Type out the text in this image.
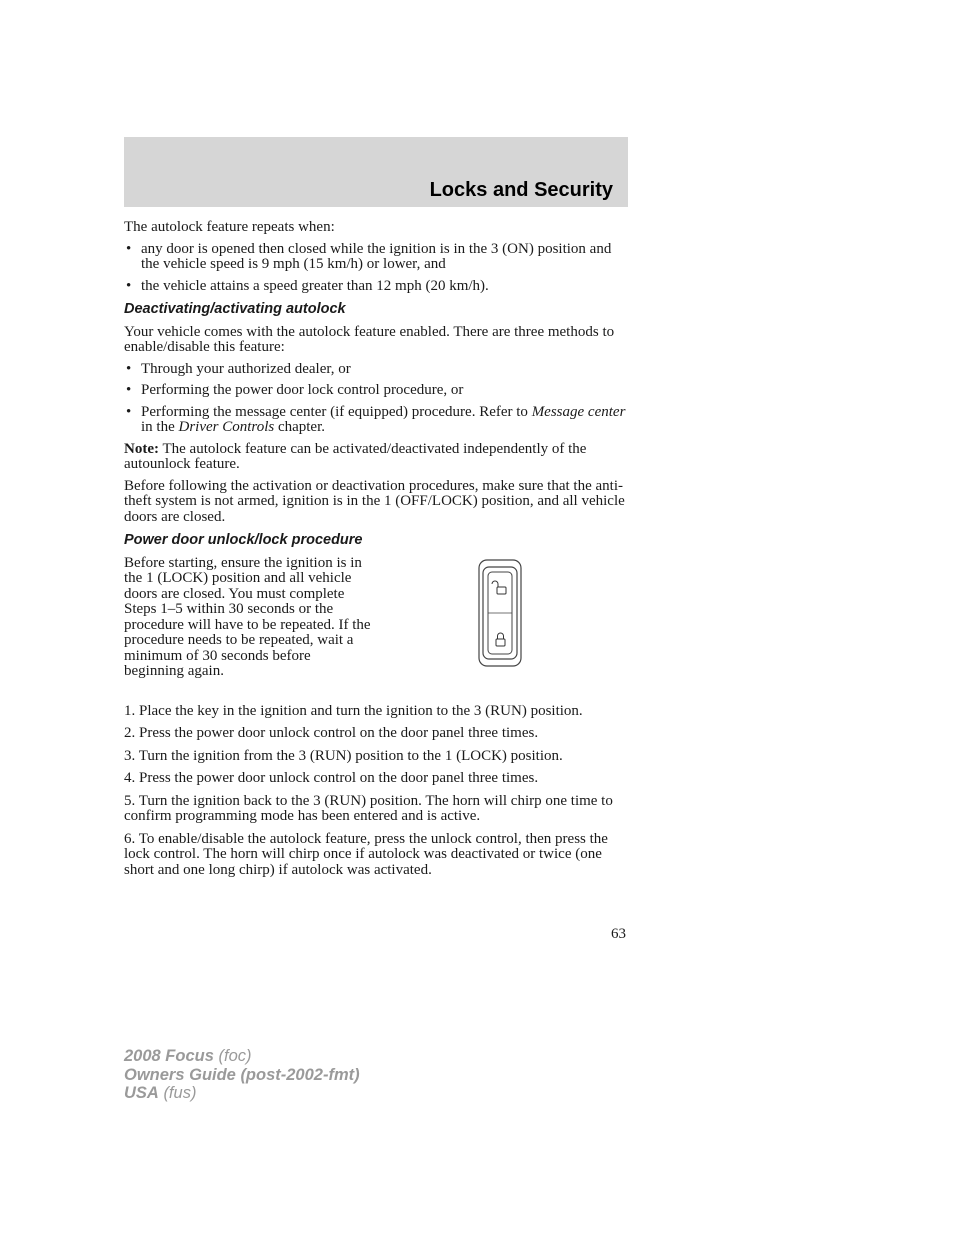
Locks and Security

The autolock feature repeats when:

• any door is opened then closed while the ignition is in the 3 (ON) position and the vehicle speed is 9 mph (15 km/h) or lower, and
• the vehicle attains a speed greater than 12 mph (20 km/h).
Deactivating/activating autolock

Your vehicle comes with the autolock feature enabled. There are three methods to enable/disable this feature:

• Through your authorized dealer, or
• Performing the power door lock control procedure, or
• Performing the message center (if equipped) procedure. Refer to Message center in the Driver Controls chapter.

Note: The autolock feature can be activated/deactivated independently of the autounlock feature.

Before following the activation or deactivation procedures, make sure that the anti-theft system is not armed, ignition is in the 1 (OFF/LOCK) position, and all vehicle doors are closed.

Power door unlock/lock procedure

Before starting, ensure the ignition is in the 1 (LOCK) position and all vehicle doors are closed. You must complete Steps 1–5 within 30 seconds or the procedure will have to be repeated. If the procedure needs to be repeated, wait a minimum of 30 seconds before beginning again.

1. Place the key in the ignition and turn the ignition to the 3 (RUN) position.

2. Press the power door unlock control on the door panel three times.

3. Turn the ignition from the 3 (RUN) position to the 1 (LOCK) position.

4. Press the power door unlock control on the door panel three times.

5. Turn the ignition back to the 3 (RUN) position. The horn will chirp one time to confirm programming mode has been entered and is active.

6. To enable/disable the autolock feature, press the unlock control, then press the lock control. The horn will chirp once if autolock was deactivated or twice (one short and one long chirp) if autolock was activated.

63
2008 Focus (foc)
Owners Guide (post-2002-fmt)
USA (fus)
